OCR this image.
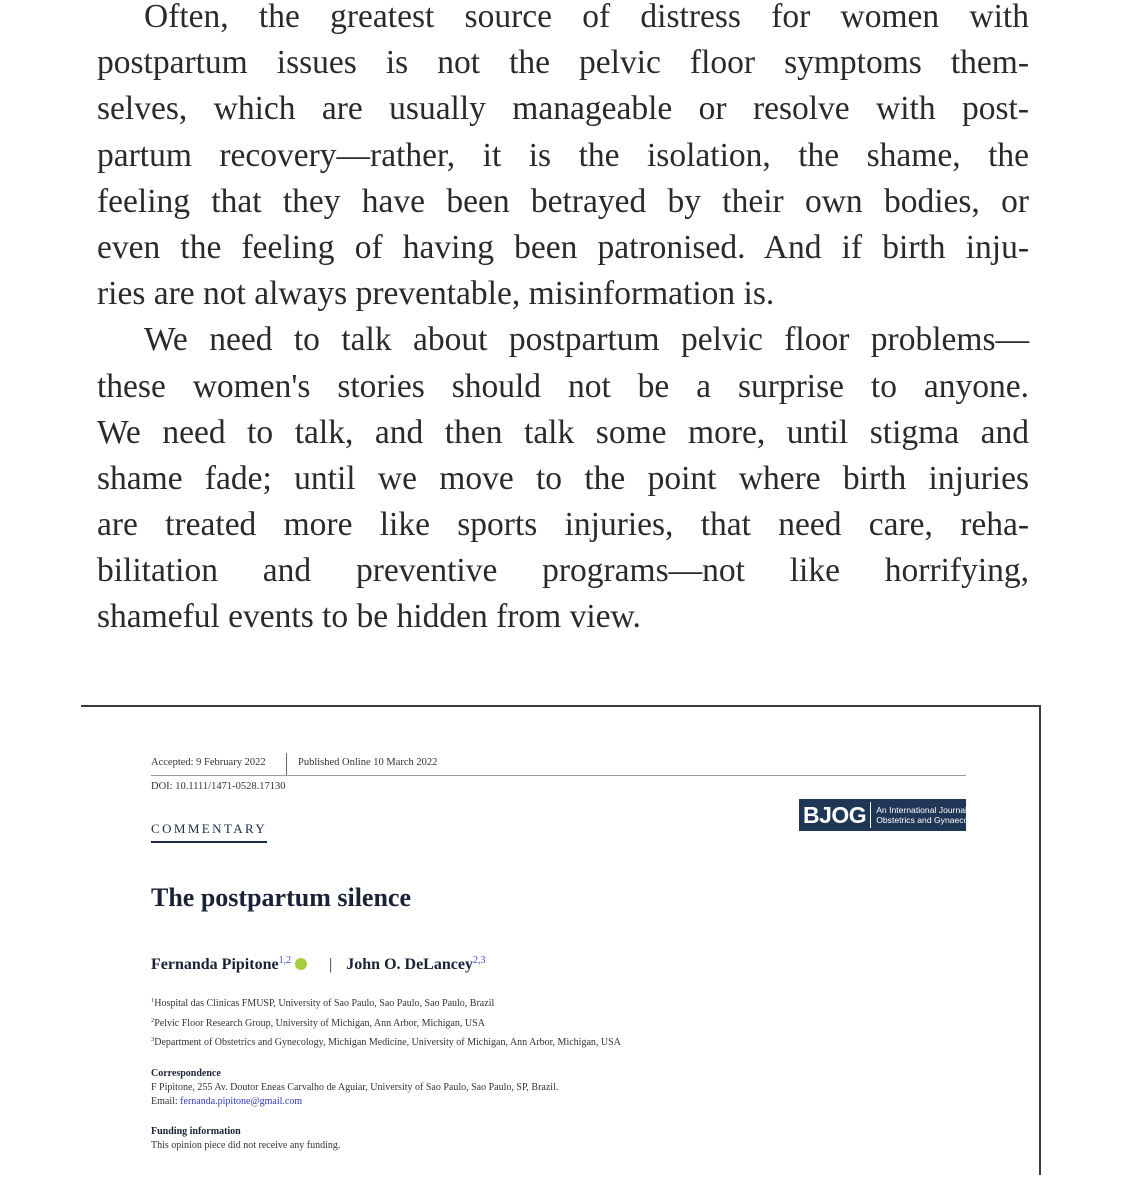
Often, the greatest source of distress for women with
postpartum issues is not the pelvic floor symptoms them-
selves, which are usually manageable or resolve with post-
partum recovery—rather, it is the isolation, the shame, the
feeling that they have been betrayed by their own bodies, or
even the feeling of having been patronised. And if birth inju-
ries are not always preventable, misinformation is.
We need to talk about postpartum pelvic floor problems—
these women's stories should not be a surprise to anyone.
We need to talk, and then talk some more, until stigma and
shame fade; until we move to the point where birth injuries
are treated more like sports injuries, that need care, reha-
bilitation and preventive programs—not like horrifying,
shameful events to be hidden from view.
Accepted: 9 February 2022	Published Online 10 March 2022
DOI: 10.1111/1471-0528.17130
COMMENTARY
BJOG	An International Journal of
Obstetrics and Gynaecology
The postpartum silence
Fernanda Pipitone$^{1,2}$ | John O. DeLancey$^{2,3}$
$^1$Hospital das Clinicas FMUSP, University of Sao Paulo, Sao Paulo, Sao Paulo, Brazil
$^2$Pelvic Floor Research Group, University of Michigan, Ann Arbor, Michigan, USA
$^3$Department of Obstetrics and Gynecology, Michigan Medicine, University of Michigan, Ann Arbor, Michigan, USA
Correspondence
F Pipitone, 255 Av. Doutor Eneas Carvalho de Aguiar, University of Sao Paulo, Sao Paulo, SP, Brazil.
Email: fernanda.pipitone@gmail.com
Funding information
This opinion piece did not receive any funding.
